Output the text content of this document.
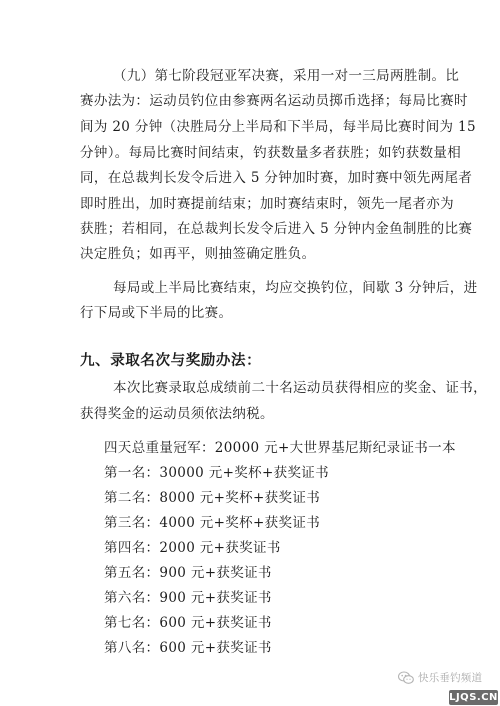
（九）第七阶段冠亚军决赛，采用一对一三局两胜制。比
赛办法为：运动员钓位由参赛两名运动员掷币选择；每局比赛时
间为 20 分钟（决胜局分上半局和下半局，每半局比赛时间为 15
分钟）。每局比赛时间结束，钓获数量多者获胜；如钓获数量相
同，在总裁判长发令后进入 5 分钟加时赛，加时赛中领先两尾者
即时胜出，加时赛提前结束；加时赛结束时，领先一尾者亦为
获胜；若相同，在总裁判长发令后进入 5 分钟内金鱼制胜的比赛
决定胜负；如再平，则抽签确定胜负。
每局或上半局比赛结束，均应交换钓位，间歇 3 分钟后，进
行下局或下半局的比赛。
九、录取名次与奖励办法：
本次比赛录取总成绩前二十名运动员获得相应的奖金、证书，
获得奖金的运动员须依法纳税。
四天总重量冠军：20000 元+大世界基尼斯纪录证书一本
第一名：30000 元+奖杯+获奖证书
第二名：8000 元+奖杯+获奖证书
第三名：4000 元+奖杯+获奖证书
第四名：2000 元+获奖证书
第五名：900 元+获奖证书
第六名：900 元+获奖证书
第七名：600 元+获奖证书
第八名：600 元+获奖证书
快乐垂钓频道
LJQS.CN
